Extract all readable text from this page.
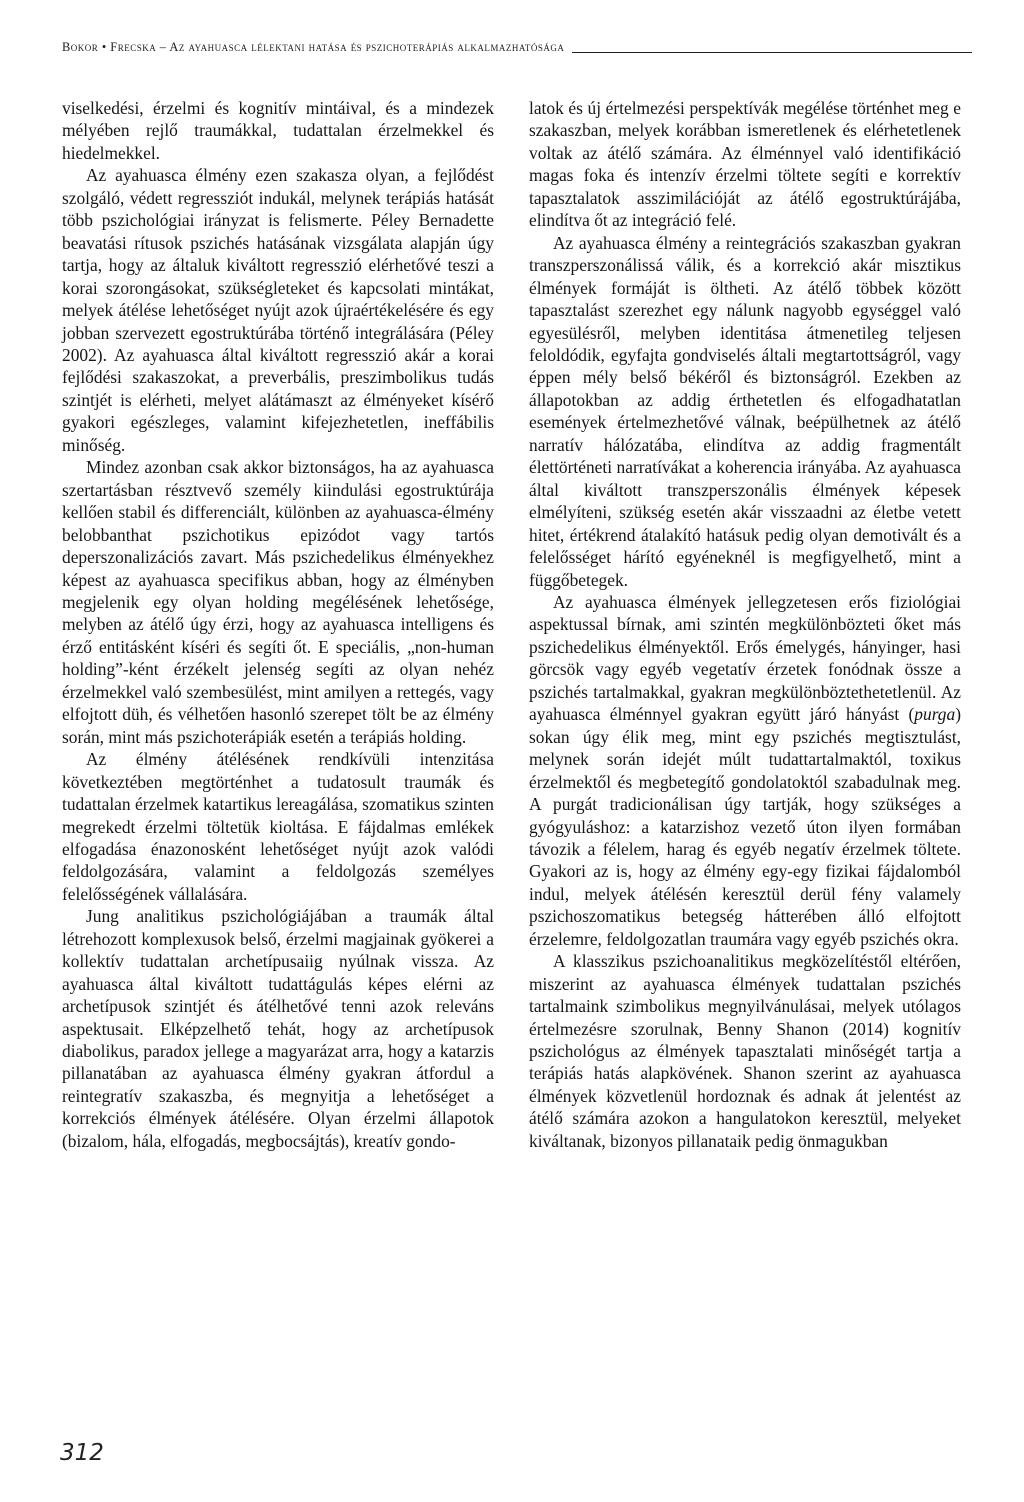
Bokor • Frecska – Az ayahuasca lélektani hatása és pszichoterápiás alkalmazhatósága

viselkedési, érzelmi és kognitív mintáival, és a mindezek mélyében rejlő traumákkal, tudattalan érzelmekkel és hiedelmekkel.

Az ayahuasca élmény ezen szakasza olyan, a fejlődést szolgáló, védett regressziót indukál, melynek terápiás hatását több pszichológiai irányzat is felismerte. Péley Bernadette beavatási rítusok pszichés hatásának vizsgálata alapján úgy tartja, hogy az általuk kiváltott regresszió elérhetővé teszi a korai szorongásokat, szükségleteket és kapcsolati mintákat, melyek átélése lehetőséget nyújt azok újraértékelésére és egy jobban szervezett egostruktúrába történő integrálására (Péley 2002). Az ayahuasca által kiváltott regresszió akár a korai fejlődési szakaszokat, a preverbális, preszimbolikus tudás szintjét is elérheti, melyet alátámaszt az élményeket kísérő gyakori egészleges, valamint kifejezhetetlen, ineffábilis minőség.

Mindez azonban csak akkor biztonságos, ha az ayahuasca szertartásban résztvevő személy kiindulási egostruktúrája kellően stabil és differenciált, különben az ayahuasca-élmény belobbanthat pszichotikus epizódot vagy tartós deperszonalizációs zavart. Más pszichedelikus élményekhez képest az ayahuasca specifikus abban, hogy az élményben megjelenik egy olyan holding megélésének lehetősége, melyben az átélő úgy érzi, hogy az ayahuasca intelligens és érző entitásként kíséri és segíti őt. E speciális, „non-human holding”-ként érzékelt jelenség segíti az olyan nehéz érzelmekkel való szembesülést, mint amilyen a rettegés, vagy elfojtott düh, és vélhetően hasonló szerepet tölt be az élmény során, mint más pszichoterápiák esetén a terápiás holding.

Az élmény átélésének rendkívüli intenzitása következtében megtörténhet a tudatosult traumák és tudattalan érzelmek katartikus lereagálása, szomatikus szinten megrekedt érzelmi töltetük kioltása. E fájdalmas emlékek elfogadása énazonosként lehetőséget nyújt azok valódi feldolgozására, valamint a feldolgozás személyes felelősségének vállalására.

Jung analitikus pszichológiájában a traumák által létrehozott komplexusok belső, érzelmi magjainak gyökerei a kollektív tudattalan archetípusaiig nyúlnak vissza. Az ayahuasca által kiváltott tudattágulás képes elérni az archetípusok szintjét és átélhetővé tenni azok releváns aspektusait. Elképzelhető tehát, hogy az archetípusok diabolikus, paradox jellege a magyarázat arra, hogy a katarzis pillanatában az ayahuasca élmény gyakran átfordul a reintegratív szakaszba, és megnyitja a lehetőséget a korrekciós élmények átélésére. Olyan érzelmi állapotok (bizalom, hála, elfogadás, megbocsájtás), kreatív gondo-

latok és új értelmezési perspektívák megélése történhet meg e szakaszban, melyek korábban ismeretlenek és elérhetetlenek voltak az átélő számára. Az élménnyel való identifikáció magas foka és intenzív érzelmi töltete segíti e korrektív tapasztalatok asszimilációját az átélő egostruktúrájába, elindítva őt az integráció felé.

Az ayahuasca élmény a reintegrációs szakaszban gyakran transzperszonálissá válik, és a korrekció akár misztikus élmények formáját is öltheti. Az átélő többek között tapasztalást szerezhet egy nálunk nagyobb egységgel való egyesülésről, melyben identitása átmenetileg teljesen feloldódik, egyfajta gondviselés általi megtartottságról, vagy éppen mély belső békéről és biztonságról. Ezekben az állapotokban az addig érthetetlen és elfogadhatatlan események értelmezhetővé válnak, beépülhetnek az átélő narratív hálózatába, elindítva az addig fragmentált élettörténeti narratívákat a koherencia irányába. Az ayahuasca által kiváltott transzperszonális élmények képesek elmélyíteni, szükség esetén akár visszaadni az életbe vetett hitet, értékrend átalakító hatásuk pedig olyan demotivált és a felelősséget hárító egyéneknél is megfigyelhető, mint a függőbetegek.

Az ayahuasca élmények jellegzetesen erős fiziológiai aspektussal bírnak, ami szintén megkülönbözteti őket más pszichedelikus élményektől. Erős émelygés, hányinger, hasi görcsök vagy egyéb vegetatív érzetek fonódnak össze a pszichés tartalmakkal, gyakran megkülönböztethetetlenül. Az ayahuasca élménnyel gyakran együtt járó hányást (purga) sokan úgy élik meg, mint egy pszichés megtisztulást, melynek során idejét múlt tudattartalmaktól, toxikus érzelmektől és megbetegítő gondolatoktól szabadulnak meg. A purgát tradicionálisan úgy tartják, hogy szükséges a gyógyuláshoz: a katarzishoz vezető úton ilyen formában távozik a félelem, harag és egyéb negatív érzelmek töltete. Gyakori az is, hogy az élmény egy-egy fizikai fájdalomból indul, melyek átélésén keresztül derül fény valamely pszichoszomatikus betegség hátterében álló elfojtott érzelemre, feldolgozatlan traumára vagy egyéb pszichés okra.

A klasszikus pszichoanalitikus megközelítéstől eltérően, miszerint az ayahuasca élmények tudattalan pszichés tartalmaink szimbolikus megnyilvánulásai, melyek utólagos értelmezésre szorulnak, Benny Shanon (2014) kognitív pszichológus az élmények tapasztalati minőségét tartja a terápiás hatás alapkövének. Shanon szerint az ayahuasca élmények közvetlenül hordoznak és adnak át jelentést az átélő számára azokon a hangulatokon keresztül, melyeket kiváltanak, bizonyos pillanataik pedig önmagukban

312
